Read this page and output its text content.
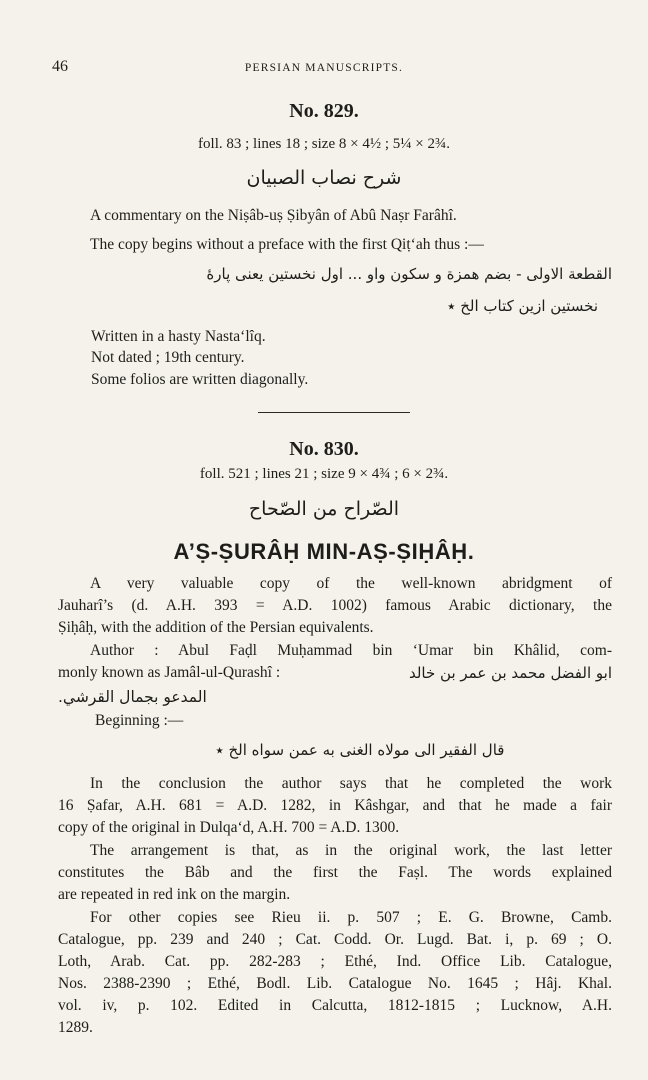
46	PERSIAN MANUSCRIPTS.
No. 829.
foll. 83 ; lines 18 ; size 8 × 4½ ; 5¼ × 2¾.
شرح نصاب الصبيان
A commentary on the Niṣâb-uṣ Ṣibyân of Abû Naṣr Farâhî.
The copy begins without a preface with the first Qiṭ‘ah thus :—
القطعة الاولی - بضم همزة و سکون واو ... اول نخستین یعنی پارهٔ
نخستین ازین کتاب الخ ٭
Written in a hasty Nasta‘lîq.
Not dated ; 19th century.
Some folios are written diagonally.
No. 830.
foll. 521 ; lines 21 ; size 9 × 4¾ ; 6 × 2¾.
الصّراح من الصّحاح
A’Ṣ-ṢURÂḤ MIN-AṢ-ṢIḤÂḤ.
A very valuable copy of the well-known abridgment of
Jauharî’s (d. A.H. 393 = A.D. 1002) famous Arabic dictionary, the
Ṣiḥâḥ, with the addition of the Persian equivalents.
Author : Abul Faḍl Muḥammad bin ‘Umar bin Khâlid, com-
monly known as Jamâl-ul-Qurashî :	ابو الفضل محمد بن عمر بن خالد
المدعو بجمال القرشي.
Beginning :—
قال الفقیر الی مولاه الغنی به عمن سواه الخ ٭
In the conclusion the author says that he completed the work
16 Ṣafar, A.H. 681 = A.D. 1282, in Kâshgar, and that he made a fair
copy of the original in Dulqa‘d, A.H. 700 = A.D. 1300.
The arrangement is that, as in the original work, the last letter
constitutes the Bâb and the first the Faṣl. The words explained
are repeated in red ink on the margin.
For other copies see Rieu ii. p. 507 ; E. G. Browne, Camb.
Catalogue, pp. 239 and 240 ; Cat. Codd. Or. Lugd. Bat. i, p. 69 ; O.
Loth, Arab. Cat. pp. 282-283 ; Ethé, Ind. Office Lib. Catalogue,
Nos. 2388-2390 ; Ethé, Bodl. Lib. Catalogue No. 1645 ; Hâj. Khal.
vol. iv, p. 102. Edited in Calcutta, 1812-1815 ; Lucknow, A.H.
1289.
